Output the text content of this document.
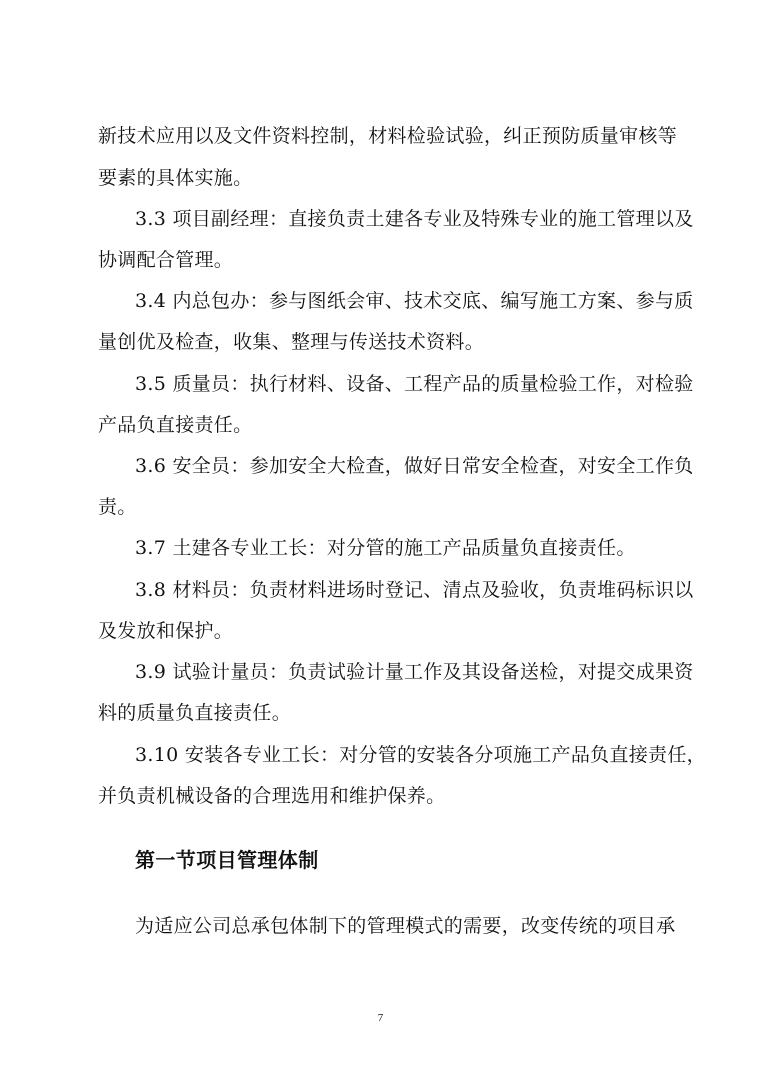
新技术应用以及文件资料控制，材料检验试验，纠正预防质量审核等
要素的具体实施。
3.3 项目副经理：直接负责土建各专业及特殊专业的施工管理以及
协调配合管理。
3.4 内总包办：参与图纸会审、技术交底、编写施工方案、参与质
量创优及检查，收集、整理与传送技术资料。
3.5 质量员：执行材料、设备、工程产品的质量检验工作，对检验
产品负直接责任。
3.6 安全员：参加安全大检查，做好日常安全检查，对安全工作负
责。
3.7 土建各专业工长：对分管的施工产品质量负直接责任。
3.8 材料员：负责材料进场时登记、清点及验收，负责堆码标识以
及发放和保护。
3.9 试验计量员：负责试验计量工作及其设备送检，对提交成果资
料的质量负直接责任。
3.10 安装各专业工长：对分管的安装各分项施工产品负直接责任，
并负责机械设备的合理选用和维护保养。
第一节项目管理体制
为适应公司总承包体制下的管理模式的需要，改变传统的项目承
7
